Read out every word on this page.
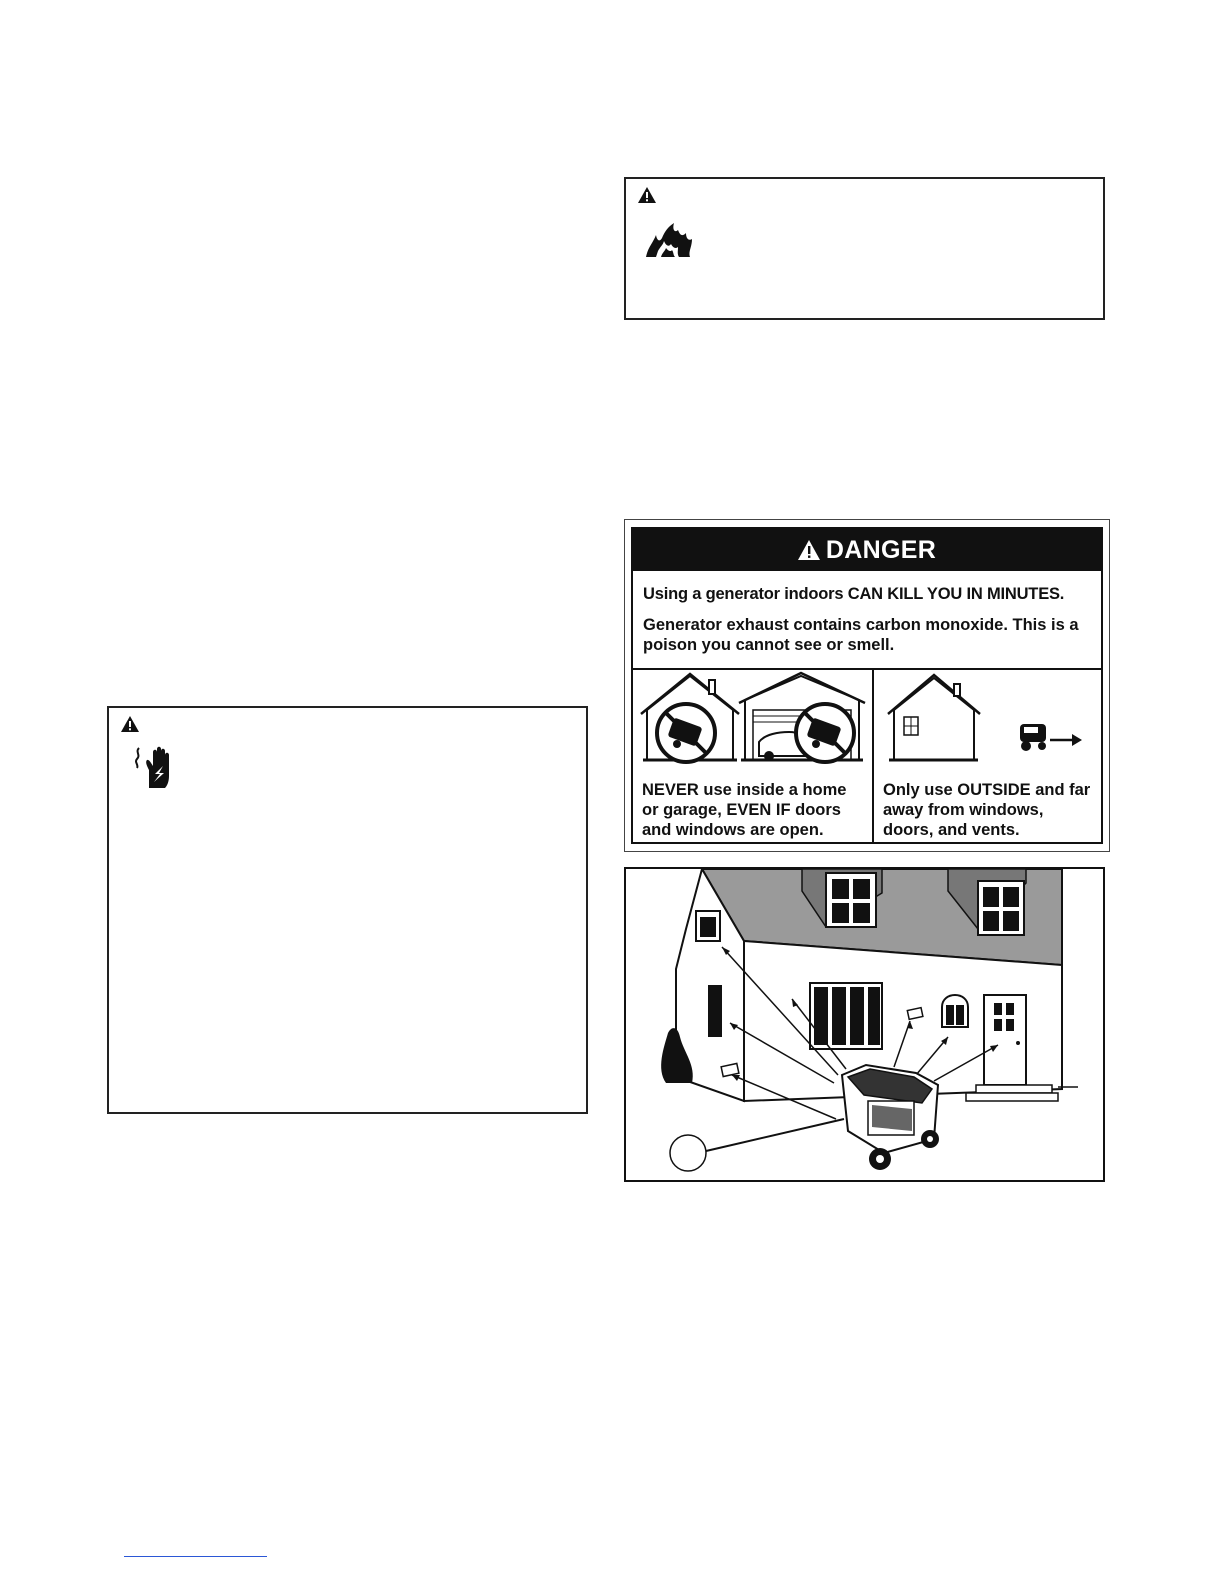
DANGER

Using a generator indoors CAN KILL YOU IN MINUTES.

Generator exhaust contains carbon monoxide. This is a poison you cannot see or smell.

NEVER use inside a home or garage, EVEN IF doors and windows are open.
Only use OUTSIDE and far away from windows, doors, and vents.
